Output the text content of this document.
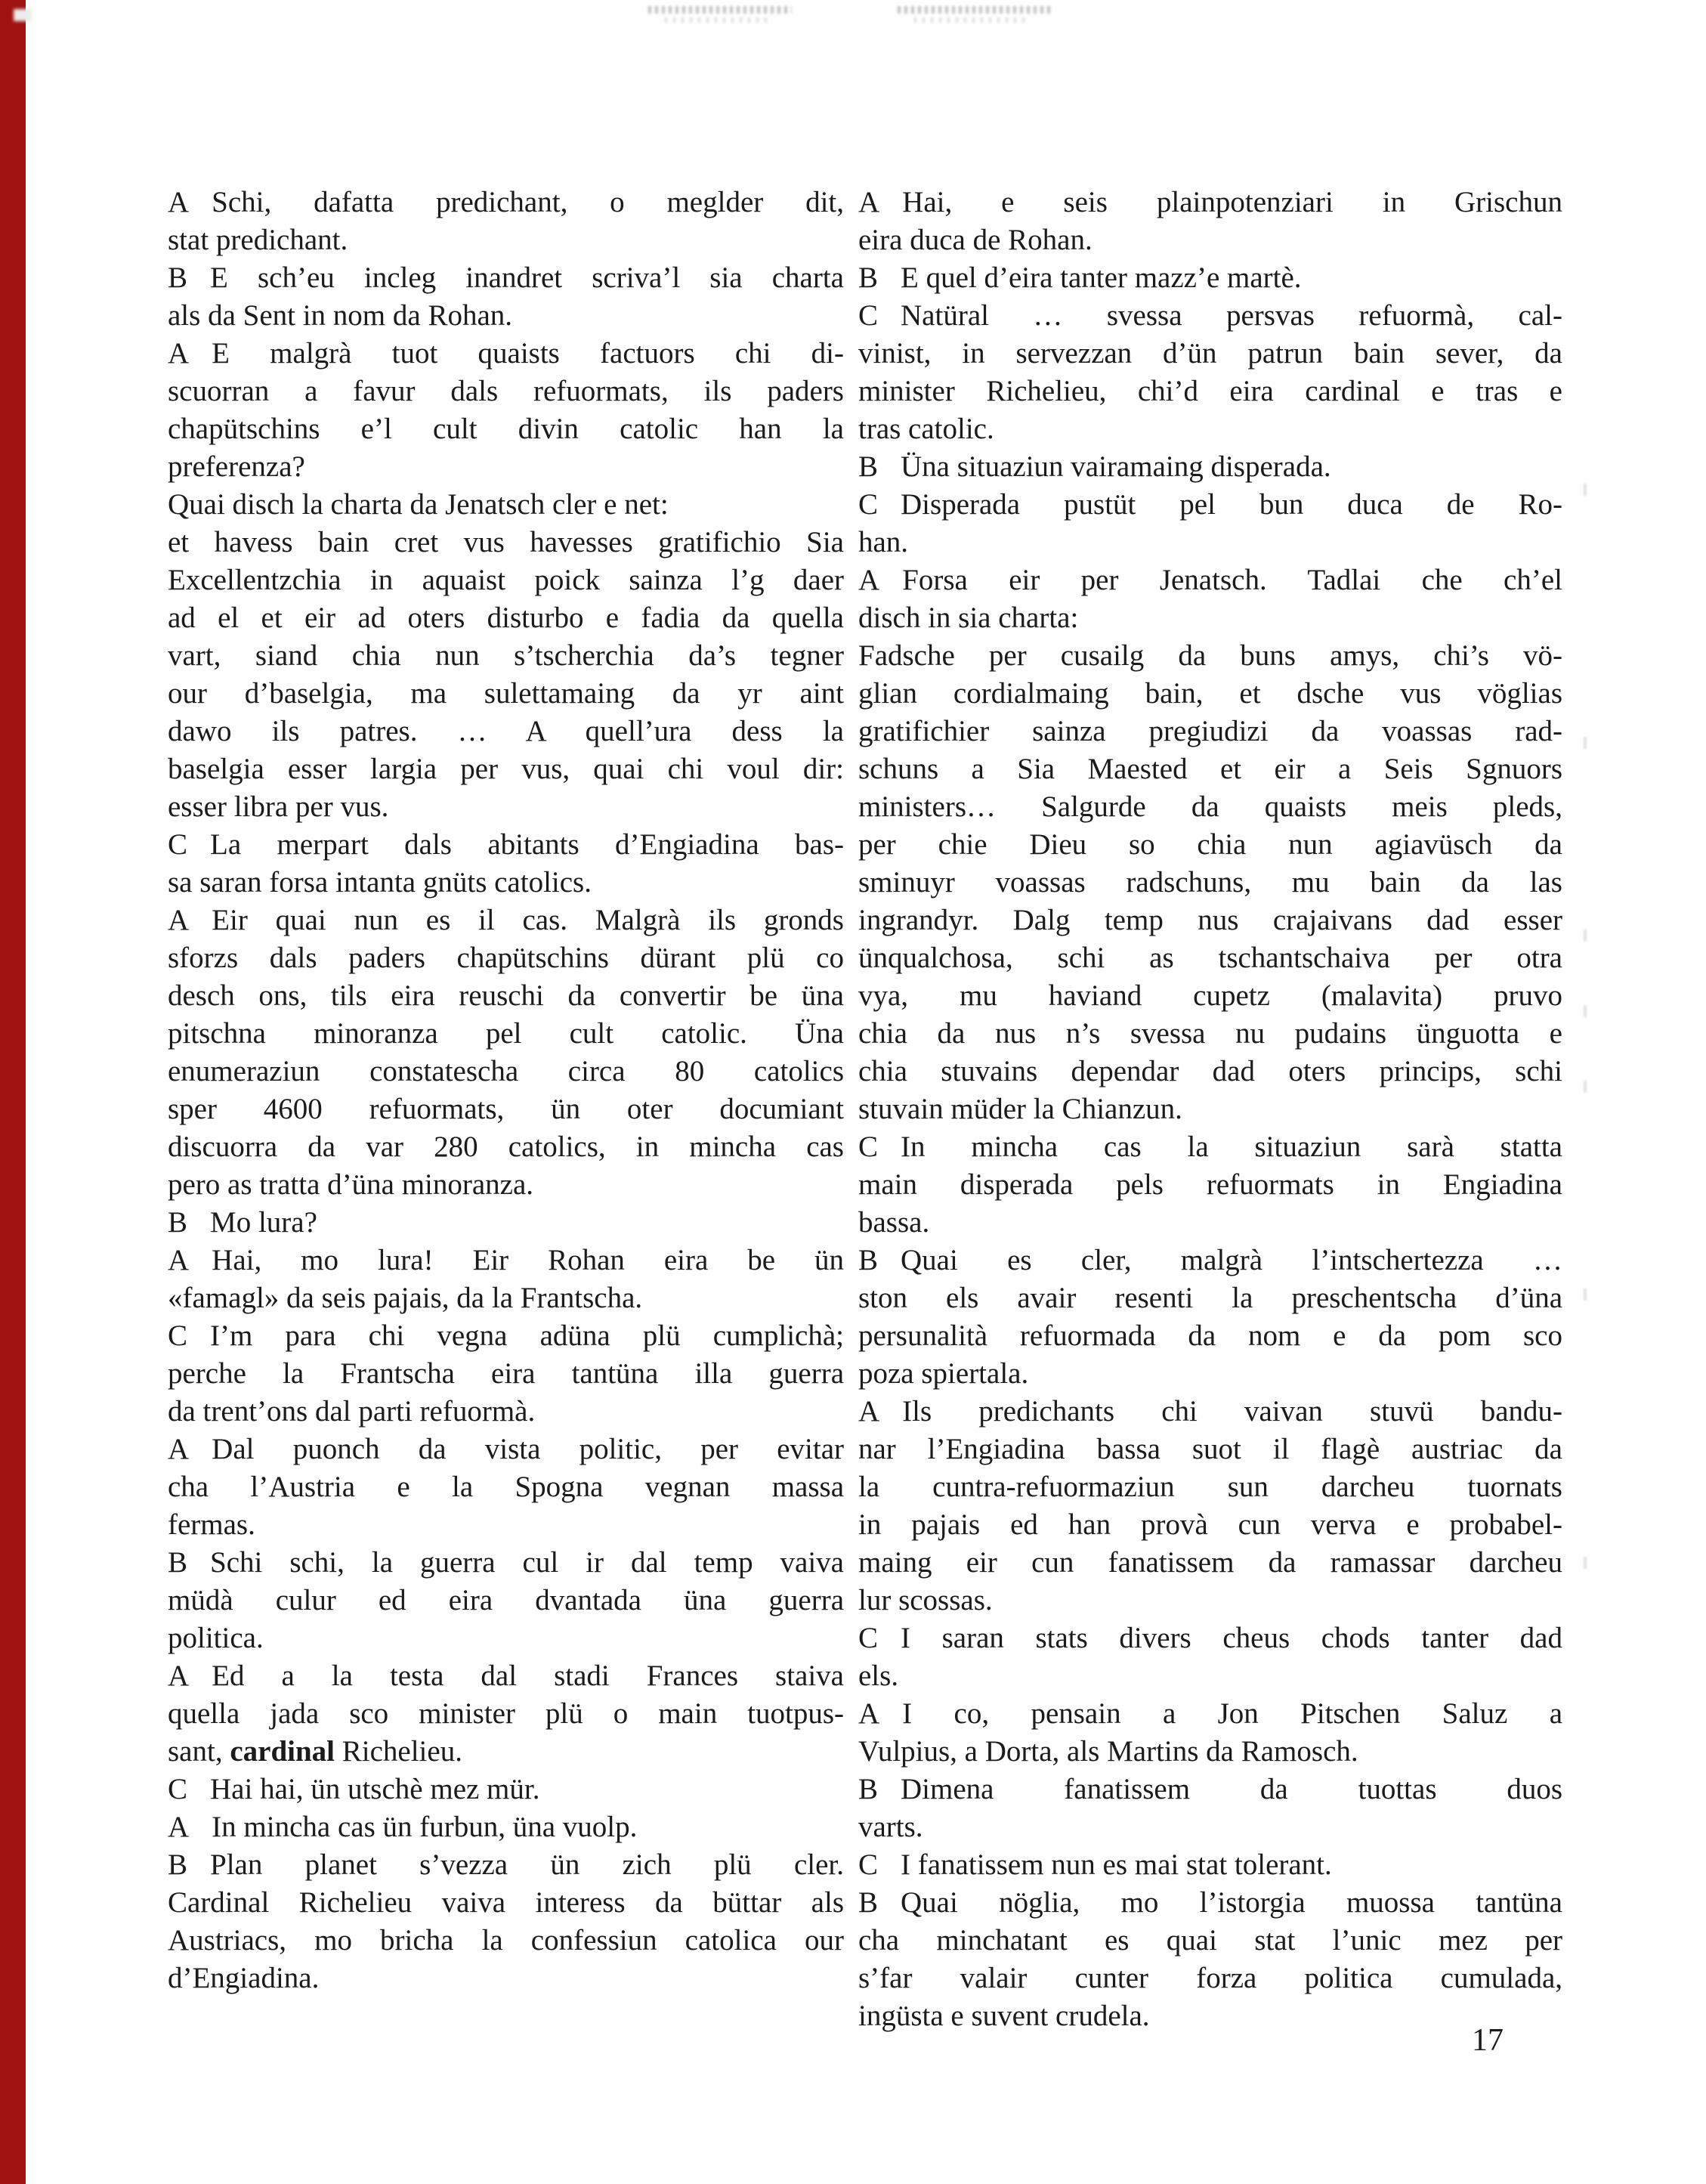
A Schi, dafatta predichant, o meglder dit,
stat predichant.
B E sch’eu incleg inandret scriva’l sia charta
als da Sent in nom da Rohan.
A E malgrà tuot quaists factuors chi di-
scuorran a favur dals refuormats, ils paders
chapütschins e’l cult divin catolic han la
preferenza?
Quai disch la charta da Jenatsch cler e net:
et havess bain cret vus havesses gratifichio Sia
Excellentzchia in aquaist poick sainza l’g daer
ad el et eir ad oters disturbo e fadia da quella
vart, siand chia nun s’tscherchia da’s tegner
our d’baselgia, ma sulettamaing da yr aint
dawo ils patres. … A quell’ura dess la
baselgia esser largia per vus, quai chi voul dir:
esser libra per vus.
C La merpart dals abitants d’Engiadina bas-
sa saran forsa intanta gnüts catolics.
A Eir quai nun es il cas. Malgrà ils gronds
sforzs dals paders chapütschins dürant plü co
desch ons, tils eira reuschi da convertir be üna
pitschna minoranza pel cult catolic. Üna
enumeraziun constatescha circa 80 catolics
sper 4600 refuormats, ün oter documiant
discuorra da var 280 catolics, in mincha cas
pero as tratta d’üna minoranza.
B Mo lura?
A Hai, mo lura! Eir Rohan eira be ün
«famagl» da seis pajais, da la Frantscha.
C I’m para chi vegna adüna plü cumplichà;
perche la Frantscha eira tantüna illa guerra
da trent’ons dal parti refuormà.
A Dal puonch da vista politic, per evitar
cha l’Austria e la Spogna vegnan massa
fermas.
B Schi schi, la guerra cul ir dal temp vaiva
müdà culur ed eira dvantada üna guerra
politica.
A Ed a la testa dal stadi Frances staiva
quella jada sco minister plü o main tuotpus-
sant, cardinal Richelieu.
C Hai hai, ün utschè mez mür.
A In mincha cas ün furbun, üna vuolp.
B Plan planet s’vezza ün zich plü cler.
Cardinal Richelieu vaiva interess da büttar als
Austriacs, mo bricha la confessiun catolica our
d’Engiadina.
A Hai, e seis plainpotenziari in Grischun
eira duca de Rohan.
B E quel d’eira tanter mazz’e martè.
C Natüral … svessa persvas refuormà, cal-
vinist, in servezzan d’ün patrun bain sever, da
minister Richelieu, chi’d eira cardinal e tras e
tras catolic.
B Üna situaziun vairamaing disperada.
C Disperada pustüt pel bun duca de Ro-
han.
A Forsa eir per Jenatsch. Tadlai che ch’el
disch in sia charta:
Fadsche per cusailg da buns amys, chi’s vö-
glian cordialmaing bain, et dsche vus vöglias
gratifichier sainza pregiudizi da voassas rad-
schuns a Sia Maested et eir a Seis Sgnuors
ministers… Salgurde da quaists meis pleds,
per chie Dieu so chia nun agiavüsch da
sminuyr voassas radschuns, mu bain da las
ingrandyr. Dalg temp nus crajaivans dad esser
ünqualchosa, schi as tschantschaiva per otra
vya, mu haviand cupetz (malavita) pruvo
chia da nus n’s svessa nu pudains ünguotta e
chia stuvains dependar dad oters princips, schi
stuvain müder la Chianzun.
C In mincha cas la situaziun sarà statta
main disperada pels refuormats in Engiadina
bassa.
B Quai es cler, malgrà l’intschertezza …
ston els avair resenti la preschentscha d’üna
persunalità refuormada da nom e da pom sco
poza spiertala.
A Ils predichants chi vaivan stuvü bandu-
nar l’Engiadina bassa suot il flagè austriac da
la cuntra-refuormaziun sun darcheu tuornats
in pajais ed han provà cun verva e probabel-
maing eir cun fanatissem da ramassar darcheu
lur scossas.
C I saran stats divers cheus chods tanter dad
els.
A I co, pensain a Jon Pitschen Saluz a
Vulpius, a Dorta, als Martins da Ramosch.
B Dimena fanatissem da tuottas duos
varts.
C I fanatissem nun es mai stat tolerant.
B Quai nöglia, mo l’istorgia muossa tantüna
cha minchatant es quai stat l’unic mez per
s’far valair cunter forza politica cumulada,
ingüsta e suvent crudela.
17
